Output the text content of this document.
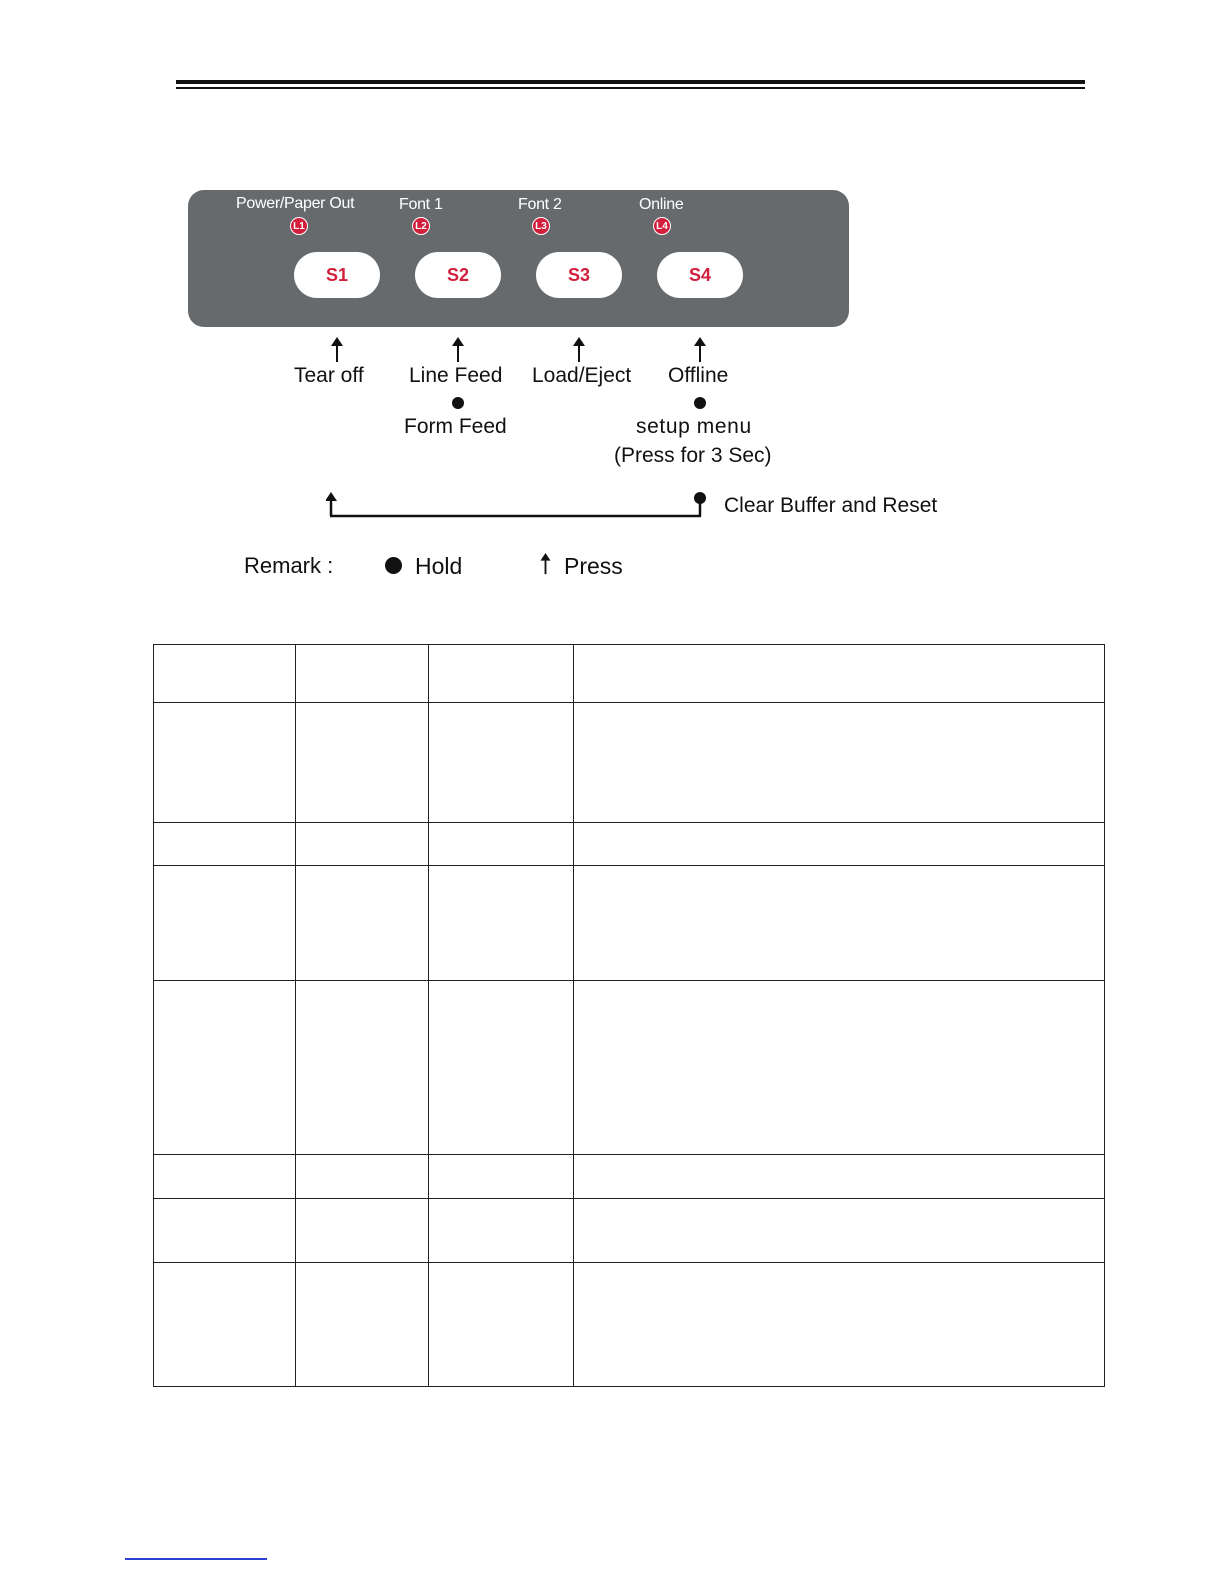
Power/Paper Out
L1
Font 1
L2
Font 2
L3
Online
L4
S1	S2	S3	S4
Tear off Line Feed Load/Eject Offline
Form Feed	setup menu
(Press for 3 Sec)
Clear Buffer and Reset
Remark :	Hold	Press
